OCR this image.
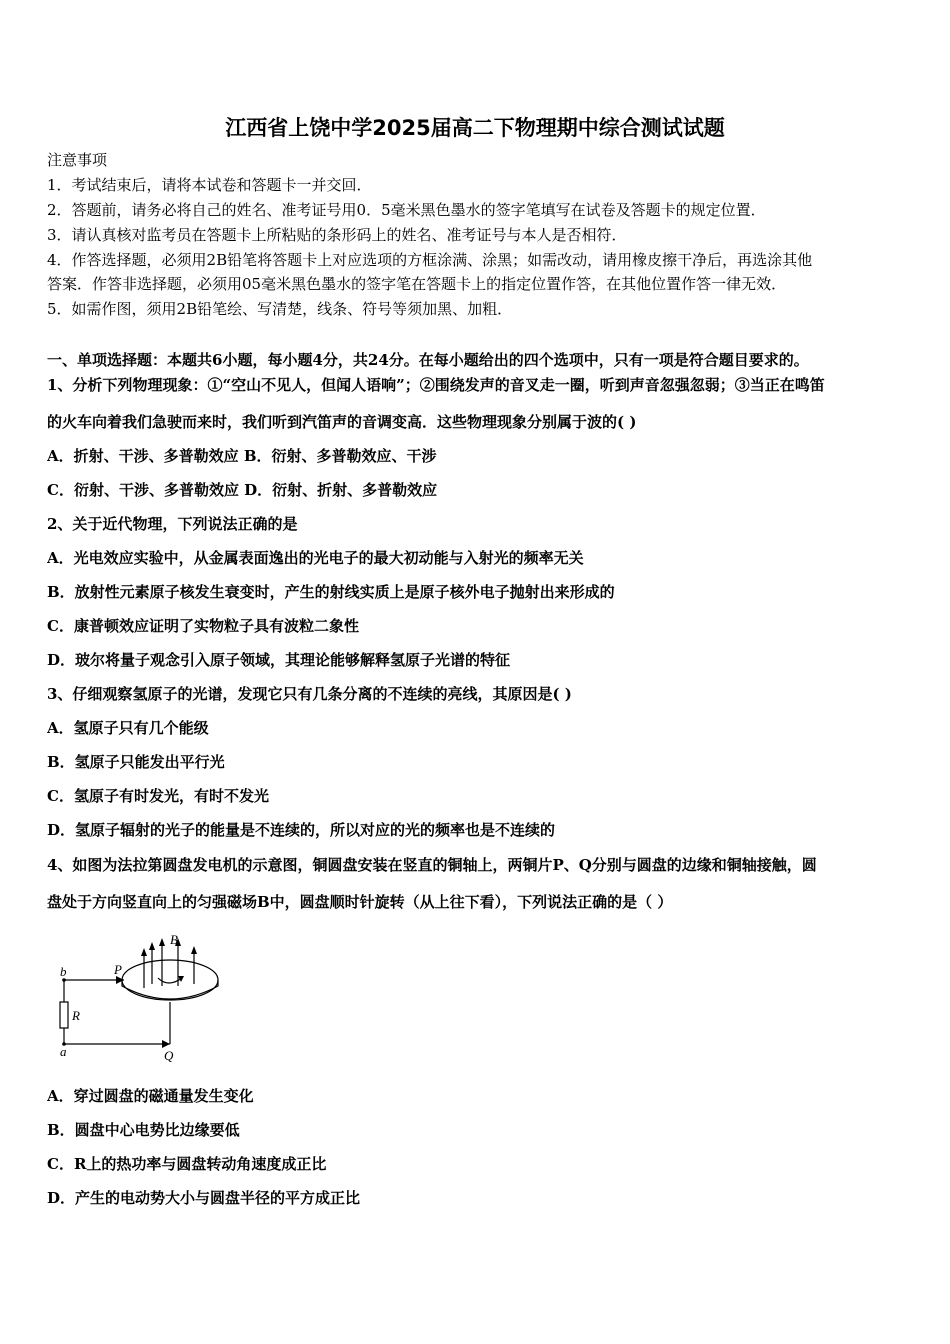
江西省上饶中学2025届高二下物理期中综合测试试题
注意事项
1．考试结束后，请将本试卷和答题卡一并交回．
2．答题前，请务必将自己的姓名、准考证号用0．5毫米黑色墨水的签字笔填写在试卷及答题卡的规定位置．
3．请认真核对监考员在答题卡上所粘贴的条形码上的姓名、准考证号与本人是否相符．
4．作答选择题，必须用2B铅笔将答题卡上对应选项的方框涂满、涂黑；如需改动，请用橡皮擦干净后，再选涂其他
答案．作答非选择题，必须用05毫米黑色墨水的签字笔在答题卡上的指定位置作答，在其他位置作答一律无效．
5．如需作图，须用2B铅笔绘、写清楚，线条、符号等须加黑、加粗．
一、单项选择题：本题共6小题，每小题4分，共24分。在每小题给出的四个选项中，只有一项是符合题目要求的。
1、分析下列物理现象：①“空山不见人，但闻人语响”；②围绕发声的音叉走一圈，听到声音忽强忽弱；③当正在鸣笛
的火车向着我们急驶而来时，我们听到汽笛声的音调变高．这些物理现象分别属于波的( )
A．折射、干涉、多普勒效应 B．衍射、多普勒效应、干涉
C．衍射、干涉、多普勒效应 D．衍射、折射、多普勒效应
2、关于近代物理，下列说法正确的是
A．光电效应实验中，从金属表面逸出的光电子的最大初动能与入射光的频率无关
B．放射性元素原子核发生衰变时，产生的射线实质上是原子核外电子抛射出来形成的
C．康普顿效应证明了实物粒子具有波粒二象性
D．玻尔将量子观念引入原子领域，其理论能够解释氢原子光谱的特征
3、仔细观察氢原子的光谱，发现它只有几条分离的不连续的亮线，其原因是( )
A．氢原子只有几个能级
B．氢原子只能发出平行光
C．氢原子有时发光，有时不发光
D．氢原子辐射的光子的能量是不连续的，所以对应的光的频率也是不连续的
4、如图为法拉第圆盘发电机的示意图，铜圆盘安装在竖直的铜轴上，两铜片P、Q分别与圆盘的边缘和铜轴接触，圆
盘处于方向竖直向上的匀强磁场B中，圆盘顺时针旋转（从上往下看），下列说法正确的是（ ）
b
a
P
Q
R
B
A．穿过圆盘的磁通量发生变化
B．圆盘中心电势比边缘要低
C．R上的热功率与圆盘转动角速度成正比
D．产生的电动势大小与圆盘半径的平方成正比
